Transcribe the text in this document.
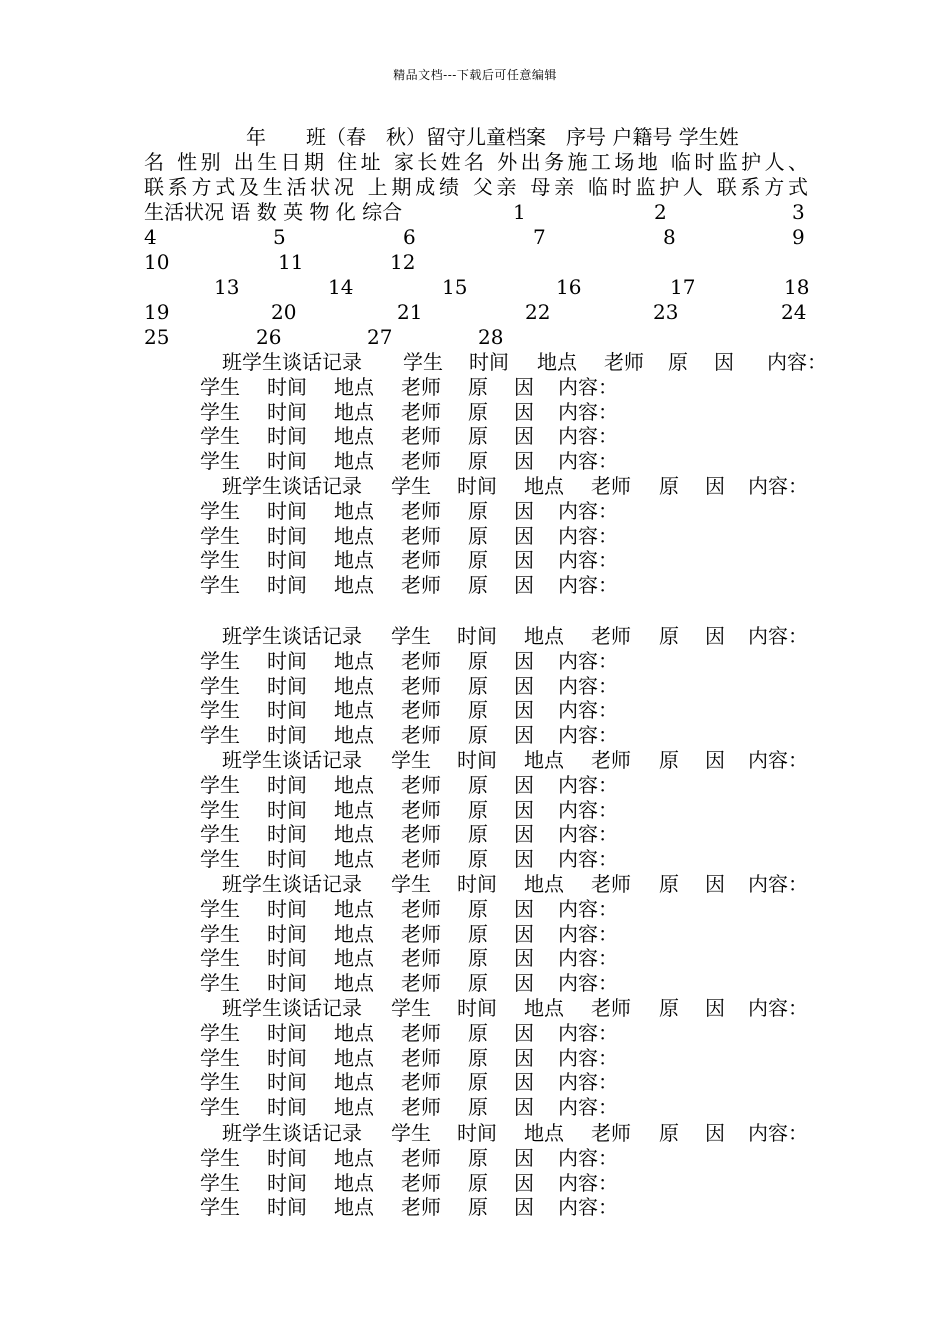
精品文档---下载后可任意编辑
年　　班（春　秋）留守儿童档案　序号 户籍号 学生姓
名 性别 出生日期 住址 家长姓名 外出务施工场地 临时监护人、
联系方式及生活状况 上期成绩 父亲 母亲 临时监护人 联系方式
生活状况 语 数 英 物 化 综合	1	2	3
4	5	6	7	8	9
10	11	12
13	14	15	16	17	18
19	20	21	22	23	24
25	26	27	28
班学生谈话记录 学生 时间 地点 老师 原 因 内容：
学生 时间 地点 老师 原 因 内容：
学生 时间 地点 老师 原 因 内容：
学生 时间 地点 老师 原 因 内容：
学生 时间 地点 老师 原 因 内容：
班学生谈话记录 学生 时间 地点 老师 原 因 内容：
学生 时间 地点 老师 原 因 内容：
学生 时间 地点 老师 原 因 内容：
学生 时间 地点 老师 原 因 内容：
学生 时间 地点 老师 原 因 内容：
班学生谈话记录 学生 时间 地点 老师 原 因 内容：
学生 时间 地点 老师 原 因 内容：
学生 时间 地点 老师 原 因 内容：
学生 时间 地点 老师 原 因 内容：
学生 时间 地点 老师 原 因 内容：
班学生谈话记录 学生 时间 地点 老师 原 因 内容：
学生 时间 地点 老师 原 因 内容：
学生 时间 地点 老师 原 因 内容：
学生 时间 地点 老师 原 因 内容：
学生 时间 地点 老师 原 因 内容：
班学生谈话记录 学生 时间 地点 老师 原 因 内容：
学生 时间 地点 老师 原 因 内容：
学生 时间 地点 老师 原 因 内容：
学生 时间 地点 老师 原 因 内容：
学生 时间 地点 老师 原 因 内容：
班学生谈话记录 学生 时间 地点 老师 原 因 内容：
学生 时间 地点 老师 原 因 内容：
学生 时间 地点 老师 原 因 内容：
学生 时间 地点 老师 原 因 内容：
学生 时间 地点 老师 原 因 内容：
班学生谈话记录 学生 时间 地点 老师 原 因 内容：
学生 时间 地点 老师 原 因 内容：
学生 时间 地点 老师 原 因 内容：
学生 时间 地点 老师 原 因 内容：
